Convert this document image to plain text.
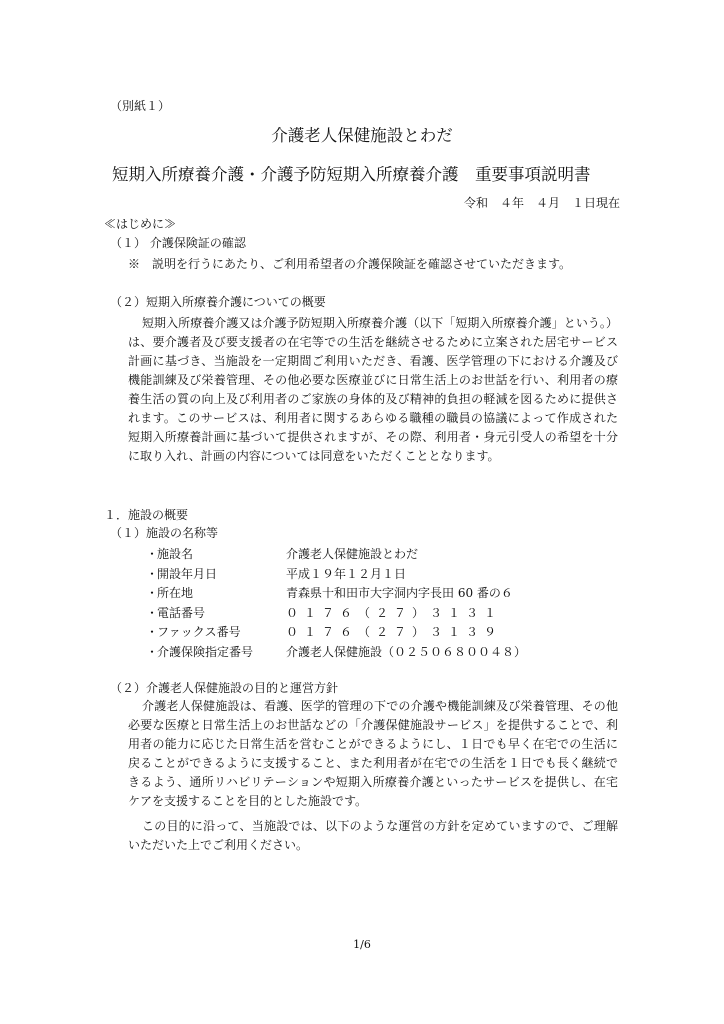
（別紙１）
介護老人保健施設とわだ
短期入所療養介護・介護予防短期入所療養介護　重要事項説明書
令和　４年　４月　１日現在
≪はじめに≫
（１） 介護保険証の確認
※　説明を行うにあたり、ご利用希望者の介護保険証を確認させていただきます。
（２）短期入所療養介護についての概要
短期入所療養介護又は介護予防短期入所療養介護（以下「短期入所療養介護」という。）は、要介護者及び要支援者の在宅等での生活を継続させるために立案された居宅サービス計画に基づき、当施設を一定期間ご利用いただき、看護、医学管理の下における介護及び機能訓練及び栄養管理、その他必要な医療並びに日常生活上のお世話を行い、利用者の療養生活の質の向上及び利用者のご家族の身体的及び精神的負担の軽減を図るために提供されます。このサービスは、利用者に関するあらゆる職種の職員の協議によって作成された短期入所療養計画に基づいて提供されますが、その際、利用者・身元引受人の希望を十分に取り入れ、計画の内容については同意をいただくこととなります。
１．施設の概要
（１）施設の名称等
・施設名	介護老人保健施設とわだ
・開設年月日	平成１９年１２月１日
・所在地	青森県十和田市大字洞内字長田 60 番の６
・電話番号	０１７６（２７）３１３１
・ファックス番号	０１７６（２７）３１３９
・介護保険指定番号	介護老人保健施設（０２５０６８００４８）
（２）介護老人保健施設の目的と運営方針
介護老人保健施設は、看護、医学的管理の下での介護や機能訓練及び栄養管理、その他必要な医療と日常生活上のお世話などの「介護保健施設サービス」を提供することで、利用者の能力に応じた日常生活を営むことができるようにし、１日でも早く在宅での生活に戻ることができるように支援すること、また利用者が在宅での生活を１日でも長く継続できるよう、通所リハビリテーションや短期入所療養介護といったサービスを提供し、在宅ケアを支援することを目的とした施設です。
この目的に沿って、当施設では、以下のような運営の方針を定めていますので、ご理解いただいた上でご利用ください。
1/6
